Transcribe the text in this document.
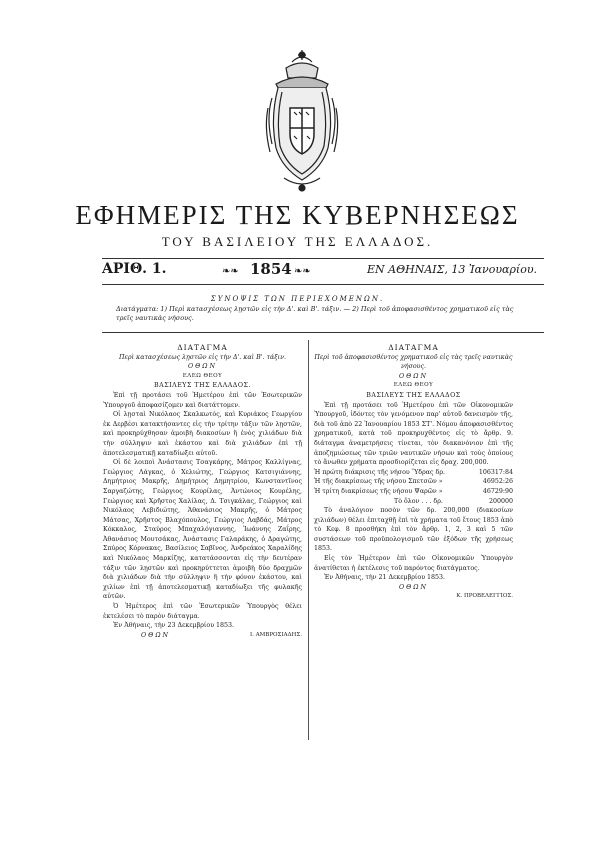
ΕΦΗΜΕΡΙΣ ΤΗΣ ΚΥΒΕΡΝΗΣΕΩΣ
ΤΟΥ ΒΑΣΙΛΕΙΟΥ ΤΗΣ ΕΛΛΑΔΟΣ.
ΑΡΙΘ. 1.	❧❧ 1854 ❧❧	ΕΝ ΑΘΗΝΑΙΣ, 13 Ἰανουαρίου.
ΣΥΝΟΨΙΣ ΤΩΝ ΠΕΡΙΕΧΟΜΕΝΩΝ.
Διατάγματα: 1) Περὶ κατασχέσεως λῃστῶν εἰς τὴν Δ'. καὶ Β'. τάξιν. — 2) Περὶ τοῦ ἀποφασισθέντος χρηματικοῦ εἰς τὰς τρεῖς ναυτικὰς νήσους.
ΔΙΑΤΑΓΜΑ
Περὶ κατασχέσεως λῃστῶν εἰς τὴν Δ'. καὶ Β'. τάξιν.
ΟΘΩΝ
ΕΛΕΩ ΘΕΟΥ
ΒΑΣΙΛΕΥΣ ΤΗΣ ΕΛΛΑΔΟΣ.

Ἐπὶ τῇ προτάσει τοῦ Ἡμετέρου ἐπὶ τῶν Ἐσωτερικῶν Ὑπουργοῦ ἀποφασίζομεν καὶ διατάττομεν.

Οἱ λῃσταὶ Νικόλαος Σκαλκωτός, καὶ Κυριάκος Γεωργίου ἐκ Δερβέσι κατακτήσαντες εἰς τὴν τρίτην τάξιν τῶν λῃστῶν, καὶ προκηρύχθησαν ἀμοιβὴ διακοσίων ἢ ἑνὸς χιλιάδων διὰ τὴν σύλληψιν καὶ ἑκάστου καὶ διὰ χιλιάδων ἐπὶ τῇ ἀποτελεσματικῇ καταδίωξει αὐτοῦ.

Οἱ δὲ λοιποὶ Ἀνάστασις Τσαγκάρης, Μάτρος Καλλίγνας, Γεώργιος Λάγκας, ὁ Χελιώτης, Γεώργιος Κατσιγιάννης, Δημήτριος Μακρῆς, Δημήτριος Δημητρίου, Κωνσταντῖνος Σαργαζώτης, Γεώργιος Κουρίλας, Ἀντώνιος Κουρέλης, Γεώργιος καὶ Χρῆστος Χαλίλας, Δ. Τσιγκάλας, Γεώργιος καὶ Νικόλαος Λεβιδιώτης, Ἀθανάσιος Μακρῆς, ὁ Μάτρος Μάτσας, Χρῆστος Βλαχόπουλος, Γεώργιος Λαβδάς, Μάτρος Κόκκαλος, Σταύρος Μπαχαλόγιαννης, Ἰωάννης Ζαΐρης, Ἀθανάσιος Μουτσάκας, Ἀνάστασις Γαλαράκης, ὁ Δραγώτης, Σπύρος Κόρνακας, Βασίλειος Σαβῖνος, Ἀνδρεάκος Χαραλίδης καὶ Νικόλαος Μαρκίζης, κατατάσσονται εἰς τὴν δευτέραν τάξιν τῶν λῃστῶν καὶ προκηρύττεται ἀμοιβὴ δύο δραχμῶν διὰ χιλιάδων διὰ τὴν σύλληψιν ἢ τὴν φόνον ἑκάστου, καὶ χιλίων ἐπὶ τῇ ἀποτελεσματικῇ καταδίωξει τῆς φυλακῆς αὐτῶν.

Ὁ Ἡμέτερος ἐπὶ τῶν Ἐσωτερικῶν Ὑπουργὸς θέλει ἐκτελέσει τὸ παρὸν διάταγμα.

Ἐν Ἀθήναις, τὴν 23 Δεκεμβρίου 1853.

ΟΘΩΝ	Ι. ΑΜΒΡΟΣΙΑΔΗΣ.
ΔΙΑΤΑΓΜΑ
Περὶ τοῦ ἀποφασισθέντος χρηματικοῦ εἰς τὰς τρεῖς ναυτικὰς νήσους.
ΟΘΩΝ
ΕΛΕΩ ΘΕΟΥ
ΒΑΣΙΛΕΥΣ ΤΗΣ ΕΛΛΑΔΟΣ

Ἐπὶ τῇ προτάσει τοῦ Ἡμετέρου ἐπὶ τῶν Οἰκονομικῶν Ὑπουργοῦ, ἰδόντες τὸν γενόμενον παρ' αὐτοῦ δανεισμὸν τῆς, διὰ τοῦ ἀπὸ 22 Ἰανουαρίου 1853 ΣΤ'. Νόμου ἀποφασισθέντος χρηματικοῦ, κατὰ τοῦ προκηρυχθέντος εἰς τὸ ἄρθρ. 9. διάταγμα ἀναμετρήσεις τίνεται, τὸν διακανόνιον ἐπὶ τῆς ἀποζημιώσεως τῶν τριῶν ναυτικῶν νήσων καὶ τοὺς ὁποίους τὸ ἄνωθεν χρήματα προσδιορίζεται εἰς δραχ. 200,000.

Ἡ πρώτη διάκρισις τῆς νήσου Ὕδρας δρ.	106317:84
Ἡ τῆς διακρίσεως τῆς νήσου Σπετσῶν »	46952:26
Ἡ τρίτη διακρίσεως τῆς νήσου Ψαρῶν »	46729:90
Τὸ ὅλον . . . δρ.	200000

Τὸ ἀναλόγιον ποσὸν τῶν δρ. 200,000 (διακοσίων χιλιάδων) θέλει ἐπιταχθῇ ἐπὶ τὰ χρήματα τοῦ ἔτους 1853 ἀπὸ τὸ Κεφ. 8 προσθήκη ἐπὶ τὸν ἄρθρ. 1, 2, 3 καὶ 5 τῶν συστάσεων τοῦ προϋπολογισμοῦ τῶν ἐξόδων τῆς χρήσεως 1853.

Εἰς τὸν Ἡμέτερον ἐπὶ τῶν Οἰκονομικῶν Ὑπουργὸν ἀνατίθεται ἡ ἐκτέλεσις τοῦ παρόντος διατάγματος.

Ἐν Ἀθήναις, τὴν 21 Δεκεμβρίου 1853.

ΟΘΩΝ
Κ. ΠΡΟΒΕΛΕΓΓΙΟΣ.
